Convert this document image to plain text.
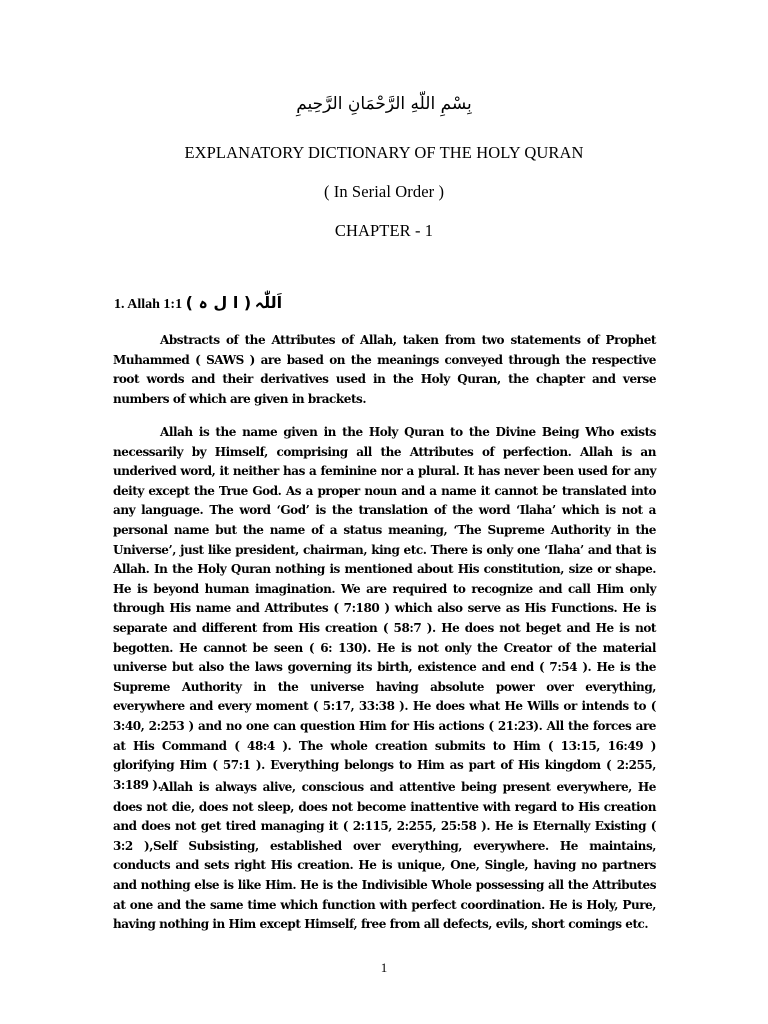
بِسْمِ اللّهِ الرَّحْمَانِ الرَّحِيمِ
EXPLANATORY DICTIONARY OF THE HOLY QURAN
( In Serial Order )
CHAPTER - 1
1. Allah 1:1 ( ا ل ہ ) اَللّٰہ

Abstracts of the Attributes of Allah, taken from two statements of Prophet Muhammed ( SAWS ) are based on the meanings conveyed through the respective root words and their derivatives used in the Holy Quran, the chapter and verse numbers of which are given in brackets.

Allah is the name given in the Holy Quran to the Divine Being Who exists necessarily by Himself, comprising all the Attributes of perfection. Allah is an underived word, it neither has a feminine nor a plural. It has never been used for any deity except the True God. As a proper noun and a name it cannot be translated into any language. The word ‘God’ is the translation of the word ‘Ilaha’ which is not a personal name but the name of a status meaning, ‘The Supreme Authority in the Universe’, just like president, chairman, king etc. There is only one ‘Ilaha’ and that is Allah. In the Holy Quran nothing is mentioned about His constitution, size or shape. He is beyond human imagination. We are required to recognize and call Him only through His name and Attributes ( 7:180 ) which also serve as His Functions. He is separate and different from His creation ( 58:7 ). He does not beget and He is not begotten. He cannot be seen ( 6: 130). He is not only the Creator of the material universe but also the laws governing its birth, existence and end ( 7:54 ). He is the Supreme Authority in the universe having absolute power over everything, everywhere and every moment ( 5:17, 33:38 ). He does what He Wills or intends to ( 3:40, 2:253 ) and no one can question Him for His actions ( 21:23). All the forces are at His Command ( 48:4 ). The whole creation submits to Him ( 13:15, 16:49 ) glorifying Him ( 57:1 ). Everything belongs to Him as part of His kingdom ( 2:255, 3:189 ).

Allah is always alive, conscious and attentive being present everywhere, He does not die, does not sleep, does not become inattentive with regard to His creation and does not get tired managing it ( 2:115, 2:255, 25:58 ). He is Eternally Existing ( 3:2 ),Self Subsisting, established over everything, everywhere. He maintains, conducts and sets right His creation. He is unique, One, Single, having no partners and nothing else is like Him. He is the Indivisible Whole possessing all the Attributes at one and the same time which function with perfect coordination. He is Holy, Pure, having nothing in Him except Himself, free from all defects, evils, short comings etc.

1
